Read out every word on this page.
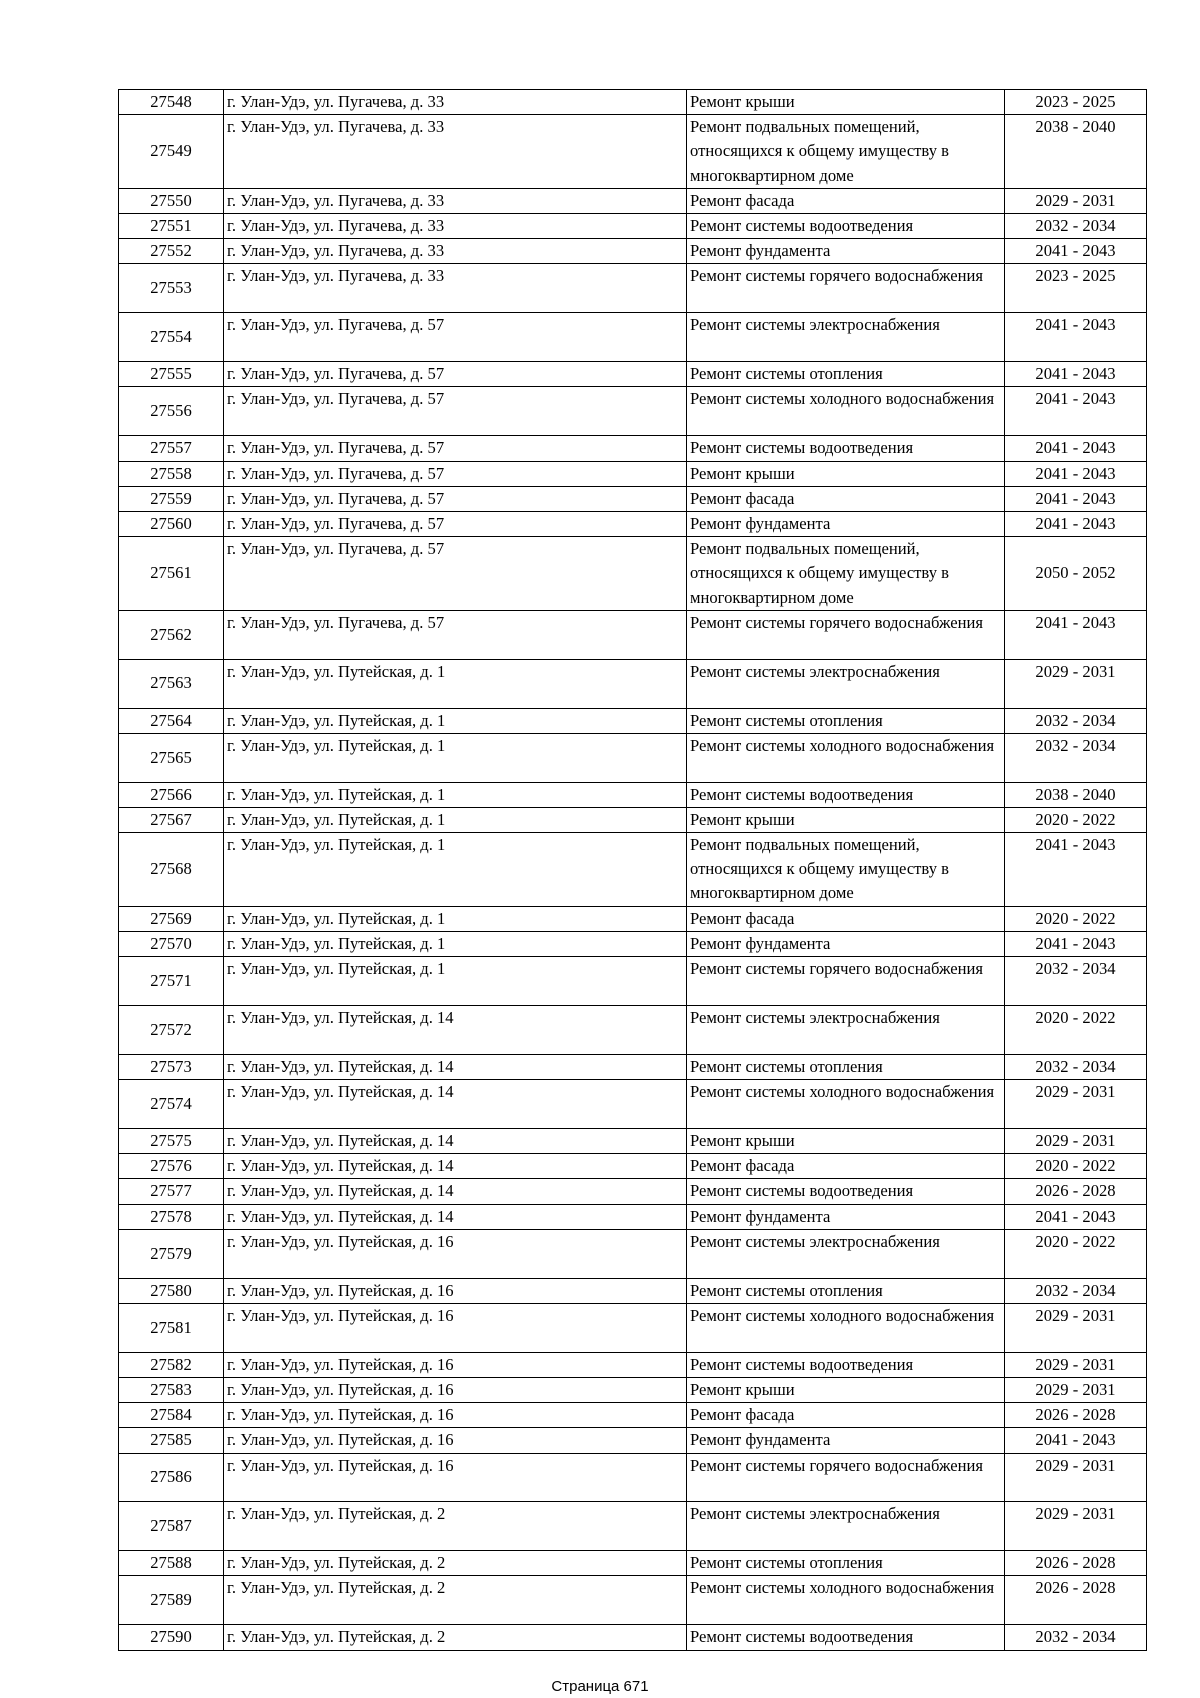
27548	г. Улан-Удэ, ул. Пугачева, д. 33	Ремонт крыши	2023 - 2025
27549	г. Улан-Удэ, ул. Пугачева, д. 33	Ремонт подвальных помещений, относящихся к общему имуществу в многоквартирном доме	2038 - 2040
27550	г. Улан-Удэ, ул. Пугачева, д. 33	Ремонт фасада	2029 - 2031
27551	г. Улан-Удэ, ул. Пугачева, д. 33	Ремонт системы водоотведения	2032 - 2034
27552	г. Улан-Удэ, ул. Пугачева, д. 33	Ремонт фундамента	2041 - 2043
27553	г. Улан-Удэ, ул. Пугачева, д. 33	Ремонт системы горячего водоснабжения	2023 - 2025
27554	г. Улан-Удэ, ул. Пугачева, д. 57	Ремонт системы электроснабжения	2041 - 2043
27555	г. Улан-Удэ, ул. Пугачева, д. 57	Ремонт системы отопления	2041 - 2043
27556	г. Улан-Удэ, ул. Пугачева, д. 57	Ремонт системы холодного водоснабжения	2041 - 2043
27557	г. Улан-Удэ, ул. Пугачева, д. 57	Ремонт системы водоотведения	2041 - 2043
27558	г. Улан-Удэ, ул. Пугачева, д. 57	Ремонт крыши	2041 - 2043
27559	г. Улан-Удэ, ул. Пугачева, д. 57	Ремонт фасада	2041 - 2043
27560	г. Улан-Удэ, ул. Пугачева, д. 57	Ремонт фундамента	2041 - 2043
27561	г. Улан-Удэ, ул. Пугачева, д. 57	Ремонт подвальных помещений, относящихся к общему имуществу в многоквартирном доме	2050 - 2052
27562	г. Улан-Удэ, ул. Пугачева, д. 57	Ремонт системы горячего водоснабжения	2041 - 2043
27563	г. Улан-Удэ, ул. Путейская, д. 1	Ремонт системы электроснабжения	2029 - 2031
27564	г. Улан-Удэ, ул. Путейская, д. 1	Ремонт системы отопления	2032 - 2034
27565	г. Улан-Удэ, ул. Путейская, д. 1	Ремонт системы холодного водоснабжения	2032 - 2034
27566	г. Улан-Удэ, ул. Путейская, д. 1	Ремонт системы водоотведения	2038 - 2040
27567	г. Улан-Удэ, ул. Путейская, д. 1	Ремонт крыши	2020 - 2022
27568	г. Улан-Удэ, ул. Путейская, д. 1	Ремонт подвальных помещений, относящихся к общему имуществу в многоквартирном доме	2041 - 2043
27569	г. Улан-Удэ, ул. Путейская, д. 1	Ремонт фасада	2020 - 2022
27570	г. Улан-Удэ, ул. Путейская, д. 1	Ремонт фундамента	2041 - 2043
27571	г. Улан-Удэ, ул. Путейская, д. 1	Ремонт системы горячего водоснабжения	2032 - 2034
27572	г. Улан-Удэ, ул. Путейская, д. 14	Ремонт системы электроснабжения	2020 - 2022
27573	г. Улан-Удэ, ул. Путейская, д. 14	Ремонт системы отопления	2032 - 2034
27574	г. Улан-Удэ, ул. Путейская, д. 14	Ремонт системы холодного водоснабжения	2029 - 2031
27575	г. Улан-Удэ, ул. Путейская, д. 14	Ремонт крыши	2029 - 2031
27576	г. Улан-Удэ, ул. Путейская, д. 14	Ремонт фасада	2020 - 2022
27577	г. Улан-Удэ, ул. Путейская, д. 14	Ремонт системы водоотведения	2026 - 2028
27578	г. Улан-Удэ, ул. Путейская, д. 14	Ремонт фундамента	2041 - 2043
27579	г. Улан-Удэ, ул. Путейская, д. 16	Ремонт системы электроснабжения	2020 - 2022
27580	г. Улан-Удэ, ул. Путейская, д. 16	Ремонт системы отопления	2032 - 2034
27581	г. Улан-Удэ, ул. Путейская, д. 16	Ремонт системы холодного водоснабжения	2029 - 2031
27582	г. Улан-Удэ, ул. Путейская, д. 16	Ремонт системы водоотведения	2029 - 2031
27583	г. Улан-Удэ, ул. Путейская, д. 16	Ремонт крыши	2029 - 2031
27584	г. Улан-Удэ, ул. Путейская, д. 16	Ремонт фасада	2026 - 2028
27585	г. Улан-Удэ, ул. Путейская, д. 16	Ремонт фундамента	2041 - 2043
27586	г. Улан-Удэ, ул. Путейская, д. 16	Ремонт системы горячего водоснабжения	2029 - 2031
27587	г. Улан-Удэ, ул. Путейская, д. 2	Ремонт системы электроснабжения	2029 - 2031
27588	г. Улан-Удэ, ул. Путейская, д. 2	Ремонт системы отопления	2026 - 2028
27589	г. Улан-Удэ, ул. Путейская, д. 2	Ремонт системы холодного водоснабжения	2026 - 2028
27590	г. Улан-Удэ, ул. Путейская, д. 2	Ремонт системы водоотведения	2032 - 2034
Страница 671
